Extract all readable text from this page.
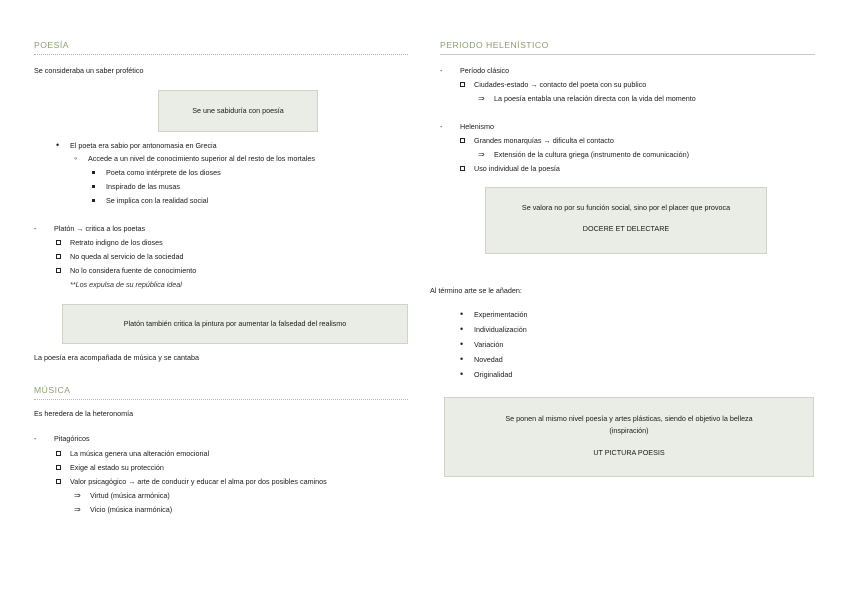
POESÍA
Se consideraba un saber profético
Se une sabiduría con poesía
•El poeta era sabio por antonomasia en Grecia
◦Accede a un nivel de conocimiento superior al del resto de los mortales
Poeta como intérprete de los dioses
Inspirado de las musas
Se implica con la realidad social
-Platón → critica a los poetas
Retrato indigno de los dioses
No queda al servicio de la sociedad
No lo considera fuente de conocimiento
**Los expulsa de su república ideal
Platón también critica la pintura por aumentar la falsedad del realismo
La poesía era acompañada de música y se cantaba
MÚSICA
Es heredera de la heteronomía
-Pitagóricos
La música genera una alteración emocional
Exige al estado su protección
Valor psicagógico → arte de conducir y educar el alma por dos posibles caminos
⇒Virtud (música armónica)
⇒Vicio (música inarmónica)
PERIODO HELENÍSTICO
-Período clásico
Ciudades-estado → contacto del poeta con su publico
⇒La poesía entabla una relación directa con la vida del momento
-Helenismo
Grandes monarquías → dificulta el contacto
⇒Extensión de la cultura griega (instrumento de comunicación)
Uso individual de la poesía
Se valora no por su función social, sino por el placer que provoca
DOCERE ET DELECTARE
Al término arte se le añaden:
•Experimentación
•Individualización
•Variación
•Novedad
•Originalidad
Se ponen al mismo nivel poesía y artes plásticas, siendo el objetivo la belleza
(inspiración)
UT PICTURA POESIS
